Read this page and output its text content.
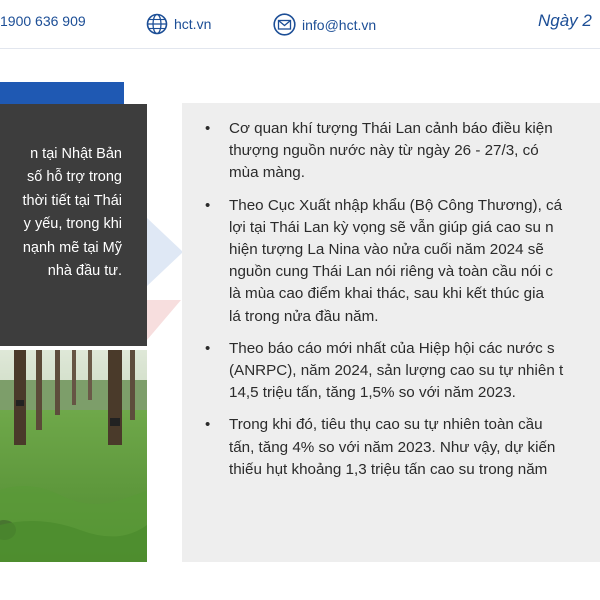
1900 636 909	hct.vn	info@hct.vn	Ngày 2
n tại Nhật Bản
số hỗ trợ trong
thời tiết tại Thái
y yếu, trong khi
nạnh mẽ tại Mỹ
nhà đầu tư.
• Cơ quan khí tượng Thái Lan cảnh báo điều kiện
thượng nguồn nước này từ ngày 26 - 27/3, có
mùa màng.
• Theo Cục Xuất nhập khẩu (Bộ Công Thương), cá
lợi tại Thái Lan kỳ vọng sẽ vẫn giúp giá cao su n
hiện tượng La Nina vào nửa cuối năm 2024 sẽ
nguồn cung Thái Lan nói riêng và toàn cầu nói c
là mùa cao điểm khai thác, sau khi kết thúc gia
lá trong nửa đầu năm.
• Theo báo cáo mới nhất của Hiệp hội các nước s
(ANRPC), năm 2024, sản lượng cao su tự nhiên t
14,5 triệu tấn, tăng 1,5% so với năm 2023.
• Trong khi đó, tiêu thụ cao su tự nhiên toàn cầu
tấn, tăng 4% so với năm 2023. Như vậy, dự kiến
thiếu hụt khoảng 1,3 triệu tấn cao su trong năm
